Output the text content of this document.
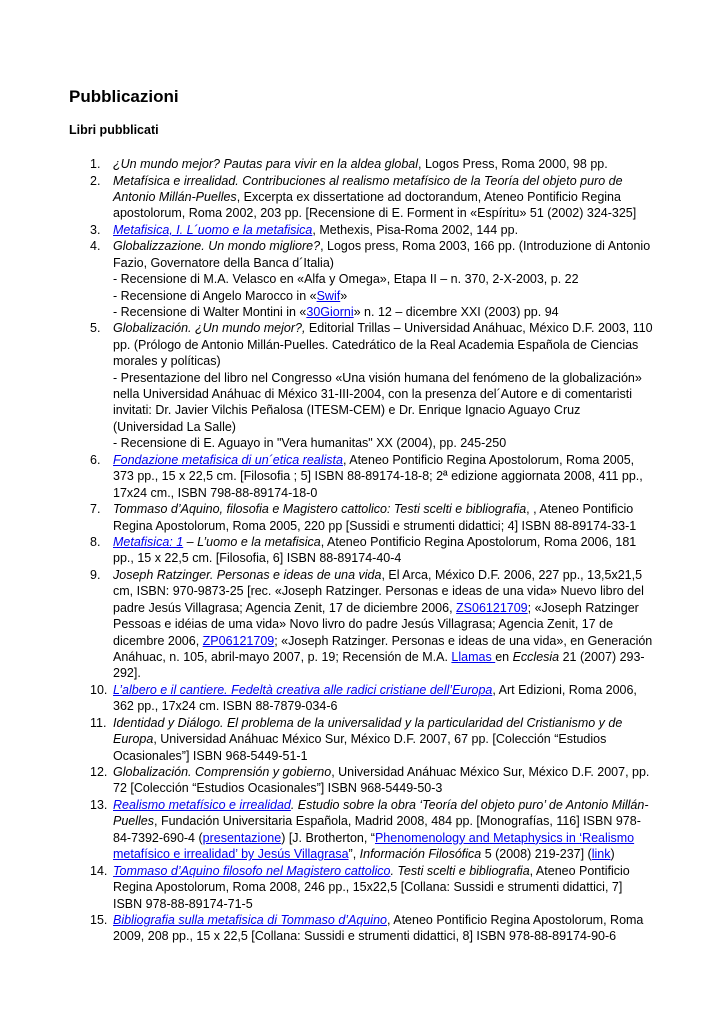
Pubblicazioni
Libri pubblicati
1. ¿Un mundo mejor? Pautas para vivir en la aldea global, Logos Press, Roma 2000, 98 pp.
2. Metafísica e irrealidad. Contribuciones al realismo metafísico de la Teoría del objeto puro de Antonio Millán-Puelles, Excerpta ex dissertatione ad doctorandum, Ateneo Pontificio Regina apostolorum, Roma 2002, 203 pp. [Recensione di E. Forment in «Espíritu» 51 (2002) 324-325]
3. Metafisica, I. L´uomo e la metafisica, Methexis, Pisa-Roma 2002, 144 pp.
4. Globalizzazione. Un mondo migliore?, Logos press, Roma 2003, 166 pp. (Introduzione di Antonio Fazio, Governatore della Banca d´Italia)
- Recensione di M.A. Velasco en «Alfa y Omega», Etapa II – n. 370, 2-X-2003, p. 22
- Recensione di Angelo Marocco in «Swif»
- Recensione di Walter Montini in «30Giorni» n. 12 – dicembre XXI (2003) pp. 94
5. Globalización. ¿Un mundo mejor?, Editorial Trillas – Universidad Anáhuac, México D.F. 2003, 110 pp. (Prólogo de Antonio Millán-Puelles. Catedrático de la Real Academia Española de Ciencias morales y políticas)
- Presentazione del libro nel Congresso «Una visión humana del fenómeno de la globalización» nella Universidad Anáhuac di México 31-III-2004, con la presenza del´Autore e di comentaristi invitati: Dr. Javier Vilchis Peñalosa (ITESM-CEM) e Dr. Enrique Ignacio Aguayo Cruz (Universidad La Salle)
- Recensione di E. Aguayo in "Vera humanitas" XX (2004), pp. 245-250
6. Fondazione metafisica di un´etica realista, Ateneo Pontificio Regina Apostolorum, Roma 2005, 373 pp., 15 x 22,5 cm. [Filosofia ; 5] ISBN 88-89174-18-8; 2ª edizione aggiornata 2008, 411 pp., 17x24 cm., ISBN 798-88-89174-18-0
7. Tommaso d’Aquino, filosofia e Magistero cattolico: Testi scelti e bibliografia, , Ateneo Pontificio Regina Apostolorum, Roma 2005, 220 pp [Sussidi e strumenti didattici; 4] ISBN 88-89174-33-1
8. Metafisica: 1 – L’uomo e la metafisica, Ateneo Pontificio Regina Apostolorum, Roma 2006, 181 pp., 15 x 22,5 cm. [Filosofia, 6] ISBN 88-89174-40-4
9. Joseph Ratzinger. Personas e ideas de una vida, El Arca, México D.F. 2006, 227 pp., 13,5x21,5 cm, ISBN: 970-9873-25 [rec. «Joseph Ratzinger. Personas e ideas de una vida» Nuevo libro del padre Jesús Villagrasa; Agencia Zenit, 17 de diciembre 2006, ZS06121709; «Joseph Ratzinger Pessoas e idéias de uma vida» Novo livro do padre Jesús Villagrasa; Agencia Zenit, 17 de dicembre 2006, ZP06121709; «Joseph Ratzinger. Personas e ideas de una vida», en Generación Anáhuac, n. 105, abril-mayo 2007, p. 19; Recensión de M.A. Llamas en Ecclesia 21 (2007) 293-292].
10. L’albero e il cantiere. Fedeltà creativa alle radici cristiane dell’Europa, Art Edizioni, Roma 2006, 362 pp., 17x24 cm. ISBN 88-7879-034-6
11. Identidad y Diálogo. El problema de la universalidad y la particularidad del Cristianismo y de Europa, Universidad Anáhuac México Sur, México D.F. 2007, 67 pp. [Colección “Estudios Ocasionales”] ISBN 968-5449-51-1
12. Globalización. Comprensión y gobierno, Universidad Anáhuac México Sur, México D.F. 2007, pp. 72 [Colección “Estudios Ocasionales”] ISBN 968-5449-50-3
13. Realismo metafísico e irrealidad. Estudio sobre la obra ‘Teoría del objeto puro’ de Antonio Millán-Puelles, Fundación Universitaria Española, Madrid 2008, 484 pp. [Monografías, 116] ISBN 978-84-7392-690-4 (presentazione) [J. Brotherton, “Phenomenology and Metaphysics in ‘Realismo metafísico e irrealidad’ by Jesús Villagrasa”, Información Filosófica 5 (2008) 219-237] (link)
14. Tommaso d’Aquino filosofo nel Magistero cattolico. Testi scelti e bibliografia, Ateneo Pontificio Regina Apostolorum, Roma 2008, 246 pp., 15x22,5 [Collana: Sussidi e strumenti didattici, 7] ISBN 978-88-89174-71-5
15. Bibliografia sulla metafisica di Tommaso d’Aquino, Ateneo Pontificio Regina Apostolorum, Roma 2009, 208 pp., 15 x 22,5 [Collana: Sussidi e strumenti didattici, 8] ISBN 978-88-89174-90-6
